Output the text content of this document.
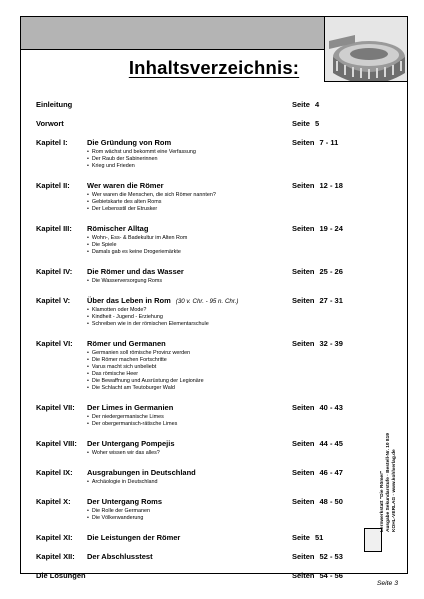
Inhaltsverzeichnis:
Einleitung	Seite 4
Vorwort	Seite 5
Kapitel I:	Die Gründung von Rom	Seiten 7 - 11
• Rom wächst und bekommt eine Verfassung
• Der Raub der Sabinerinnen
• Krieg und Frieden
Kapitel II: Wer waren die Römer	Seiten 12 - 18
• Wer waren die Menschen, die sich Römer nannten?
• Gebietskarte des alten Roms
• Der Lebensstil der Etrusker
Kapitel III: Römischer Alltag	Seiten 19 - 24
• Wohn-, Ess- & Badekultur im Alten Rom
• Die Spiele
• Damals gab es keine Drogeriemärkte
Kapitel IV: Die Römer und das Wasser	Seiten 25 - 26
• Die Wasserversorgung Roms
Kapitel V: Über das Leben in Rom (30 v. Chr. - 95 n. Chr.)	Seiten 27 - 31
• Klamotten oder Mode?
• Kindheit - Jugend - Erziehung
• Schreiben wie in der römischen Elementarschule
Kapitel VI: Römer und Germanen	Seiten 32 - 39
• Germanien soll römische Provinz werden
• Die Römer machen Fortschritte
• Varus macht sich unbeliebt
• Das römische Heer
• Die Bewaffnung und Ausrüstung der Legionäre
• Die Schlacht am Teutoburger Wald
Kapitel VII: Der Limes in Germanien	Seiten 40 - 43
• Der niedergermanische Limes
• Der obergermanisch-rätische Limes
Kapitel VIII: Der Untergang Pompejis	Seiten 44 - 45
• Woher wissen wir das alles?
Kapitel IX: Ausgrabungen in Deutschland	Seiten 46 - 47
• Archäologie in Deutschland
Kapitel X: Der Untergang Roms	Seiten 48 - 50
• Die Rolle der Germanen
• Die Völkerwanderung
Kapitel XI: Die Leistungen der Römer	Seite 51
Kapitel XII: Der Abschlusstest	Seiten 52 - 53
Die Lösungen	Seiten 54 - 56
Lernwerkstatt "Die Römer" Ausgabe Sekundarstufe · Bestell-Nr. 10 819 KOHL-VERLAG · www.kohlverlag.de
Seite 3
